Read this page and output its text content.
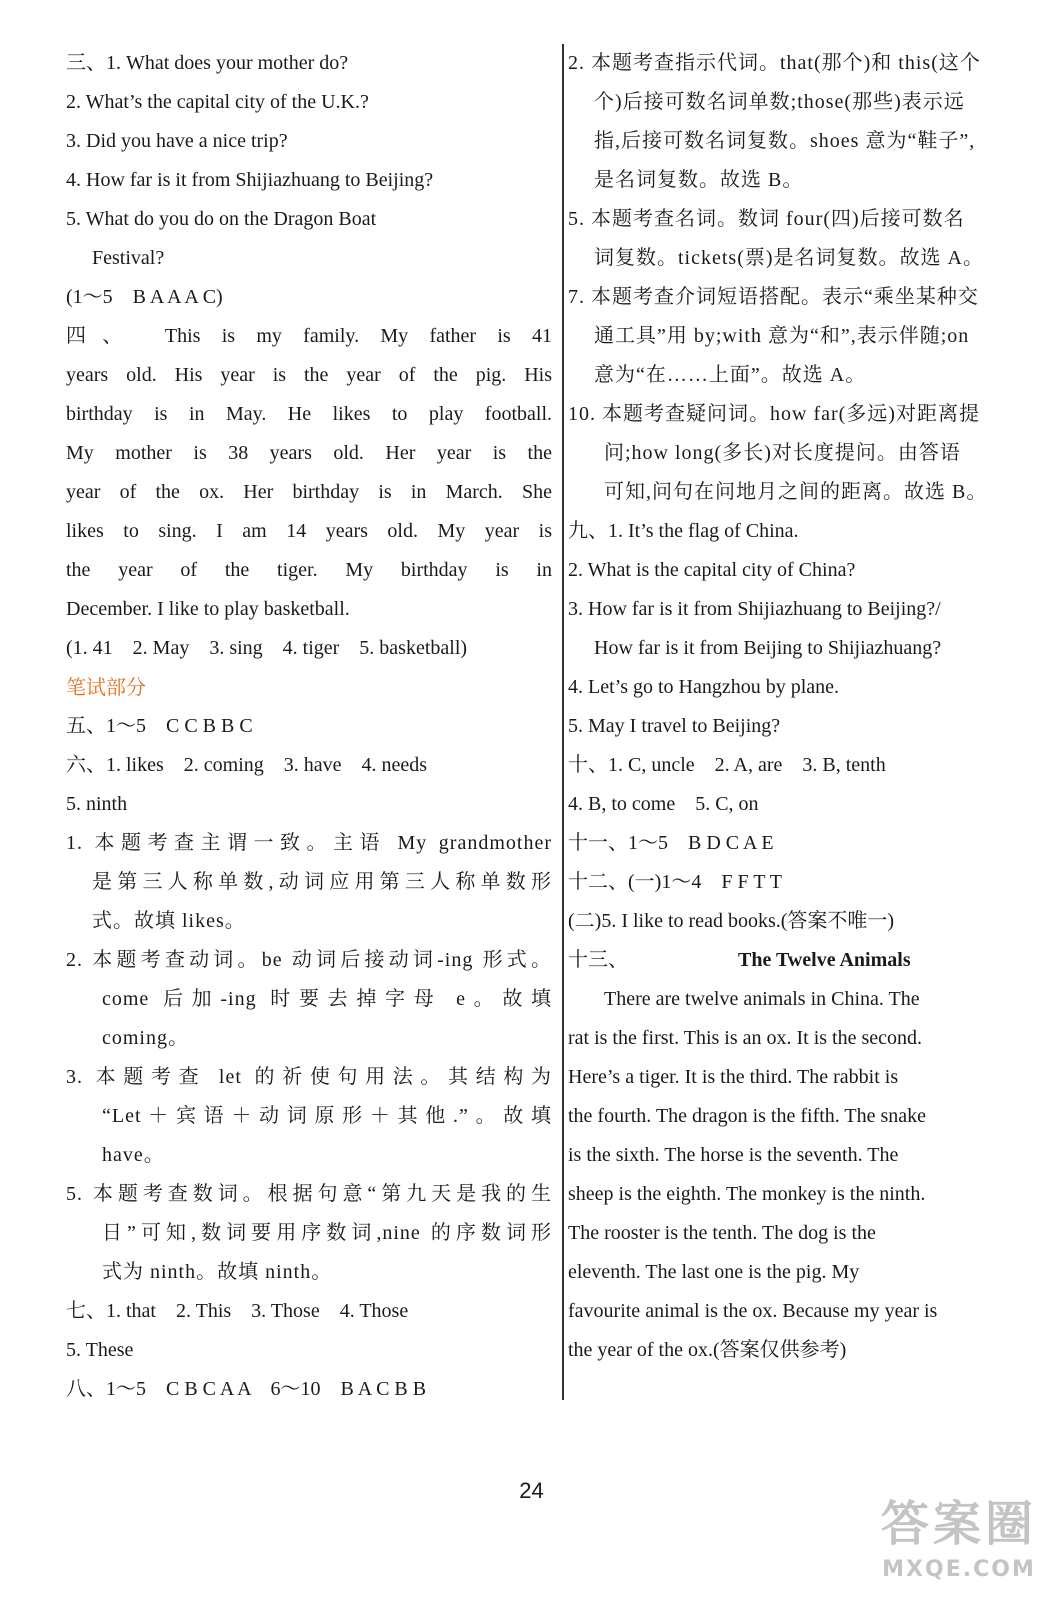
三、1. What does your mother do?
2. What’s the capital city of the U.K.?
3. Did you have a nice trip?
4. How far is it from Shijiazhuang to Beijing?
5. What do you do on the Dragon Boat
Festival?
(1～5　B A A A C)
四、　This is my family. My father is 41
years old. His year is the year of the pig. His
birthday is in May. He likes to play football.
My mother is 38 years old. Her year is the
year of the ox. Her birthday is in March. She
likes to sing. I am 14 years old. My year is
the year of the tiger. My birthday is in
December. I like to play basketball.
(1. 41　2. May　3. sing　4. tiger　5. basketball)
笔试部分
五、1～5　C C B B C
六、1. likes　2. coming　3. have　4. needs
5. ninth
1. 本题考查主谓一致。主语 My grandmother
是第三人称单数,动词应用第三人称单数形
式。故填 likes。
2. 本题考查动词。be 动词后接动词-ing 形式。
come 后加-ing 时要去掉字母 e。故填
coming。
3. 本题考查 let 的祈使句用法。其结构为
“Let＋宾语＋动词原形＋其他.”。故填
have。
5. 本题考查数词。根据句意“第九天是我的生
日”可知,数词要用序数词,nine 的序数词形
式为 ninth。故填 ninth。
七、1. that　2. This　3. Those　4. Those
5. These
八、1～5　C B C A A　6～10　B A C B B
2. 本题考查指示代词。that(那个)和 this(这个
个)后接可数名词单数;those(那些)表示远
指,后接可数名词复数。shoes 意为“鞋子”,
是名词复数。故选 B。
5. 本题考查名词。数词 four(四)后接可数名
词复数。tickets(票)是名词复数。故选 A。
7. 本题考查介词短语搭配。表示“乘坐某种交
通工具”用 by;with 意为“和”,表示伴随;on
意为“在……上面”。故选 A。
10. 本题考查疑问词。how far(多远)对距离提
问;how long(多长)对长度提问。由答语
可知,问句在问地月之间的距离。故选 B。
九、1. It’s the flag of China.
2. What is the capital city of China?
3. How far is it from Shijiazhuang to Beijing?/
How far is it from Beijing to Shijiazhuang?
4. Let’s go to Hangzhou by plane.
5. May I travel to Beijing?
十、1. C, uncle　2. A, are　3. B, tenth
4. B, to come　5. C, on
十一、1～5　B D C A E
十二、(一)1～4　F F T T
(二)5. I like to read books.(答案不唯一)
十三、	The Twelve Animals
There are twelve animals in China. The
rat is the first. This is an ox. It is the second.
Here’s a tiger. It is the third. The rabbit is
the fourth. The dragon is the fifth. The snake
is the sixth. The horse is the seventh. The
sheep is the eighth. The monkey is the ninth.
The rooster is the tenth. The dog is the
eleventh. The last one is the pig. My
favourite animal is the ox. Because my year is
the year of the ox.(答案仅供参考)
24
答案圈
MXQE.COM
